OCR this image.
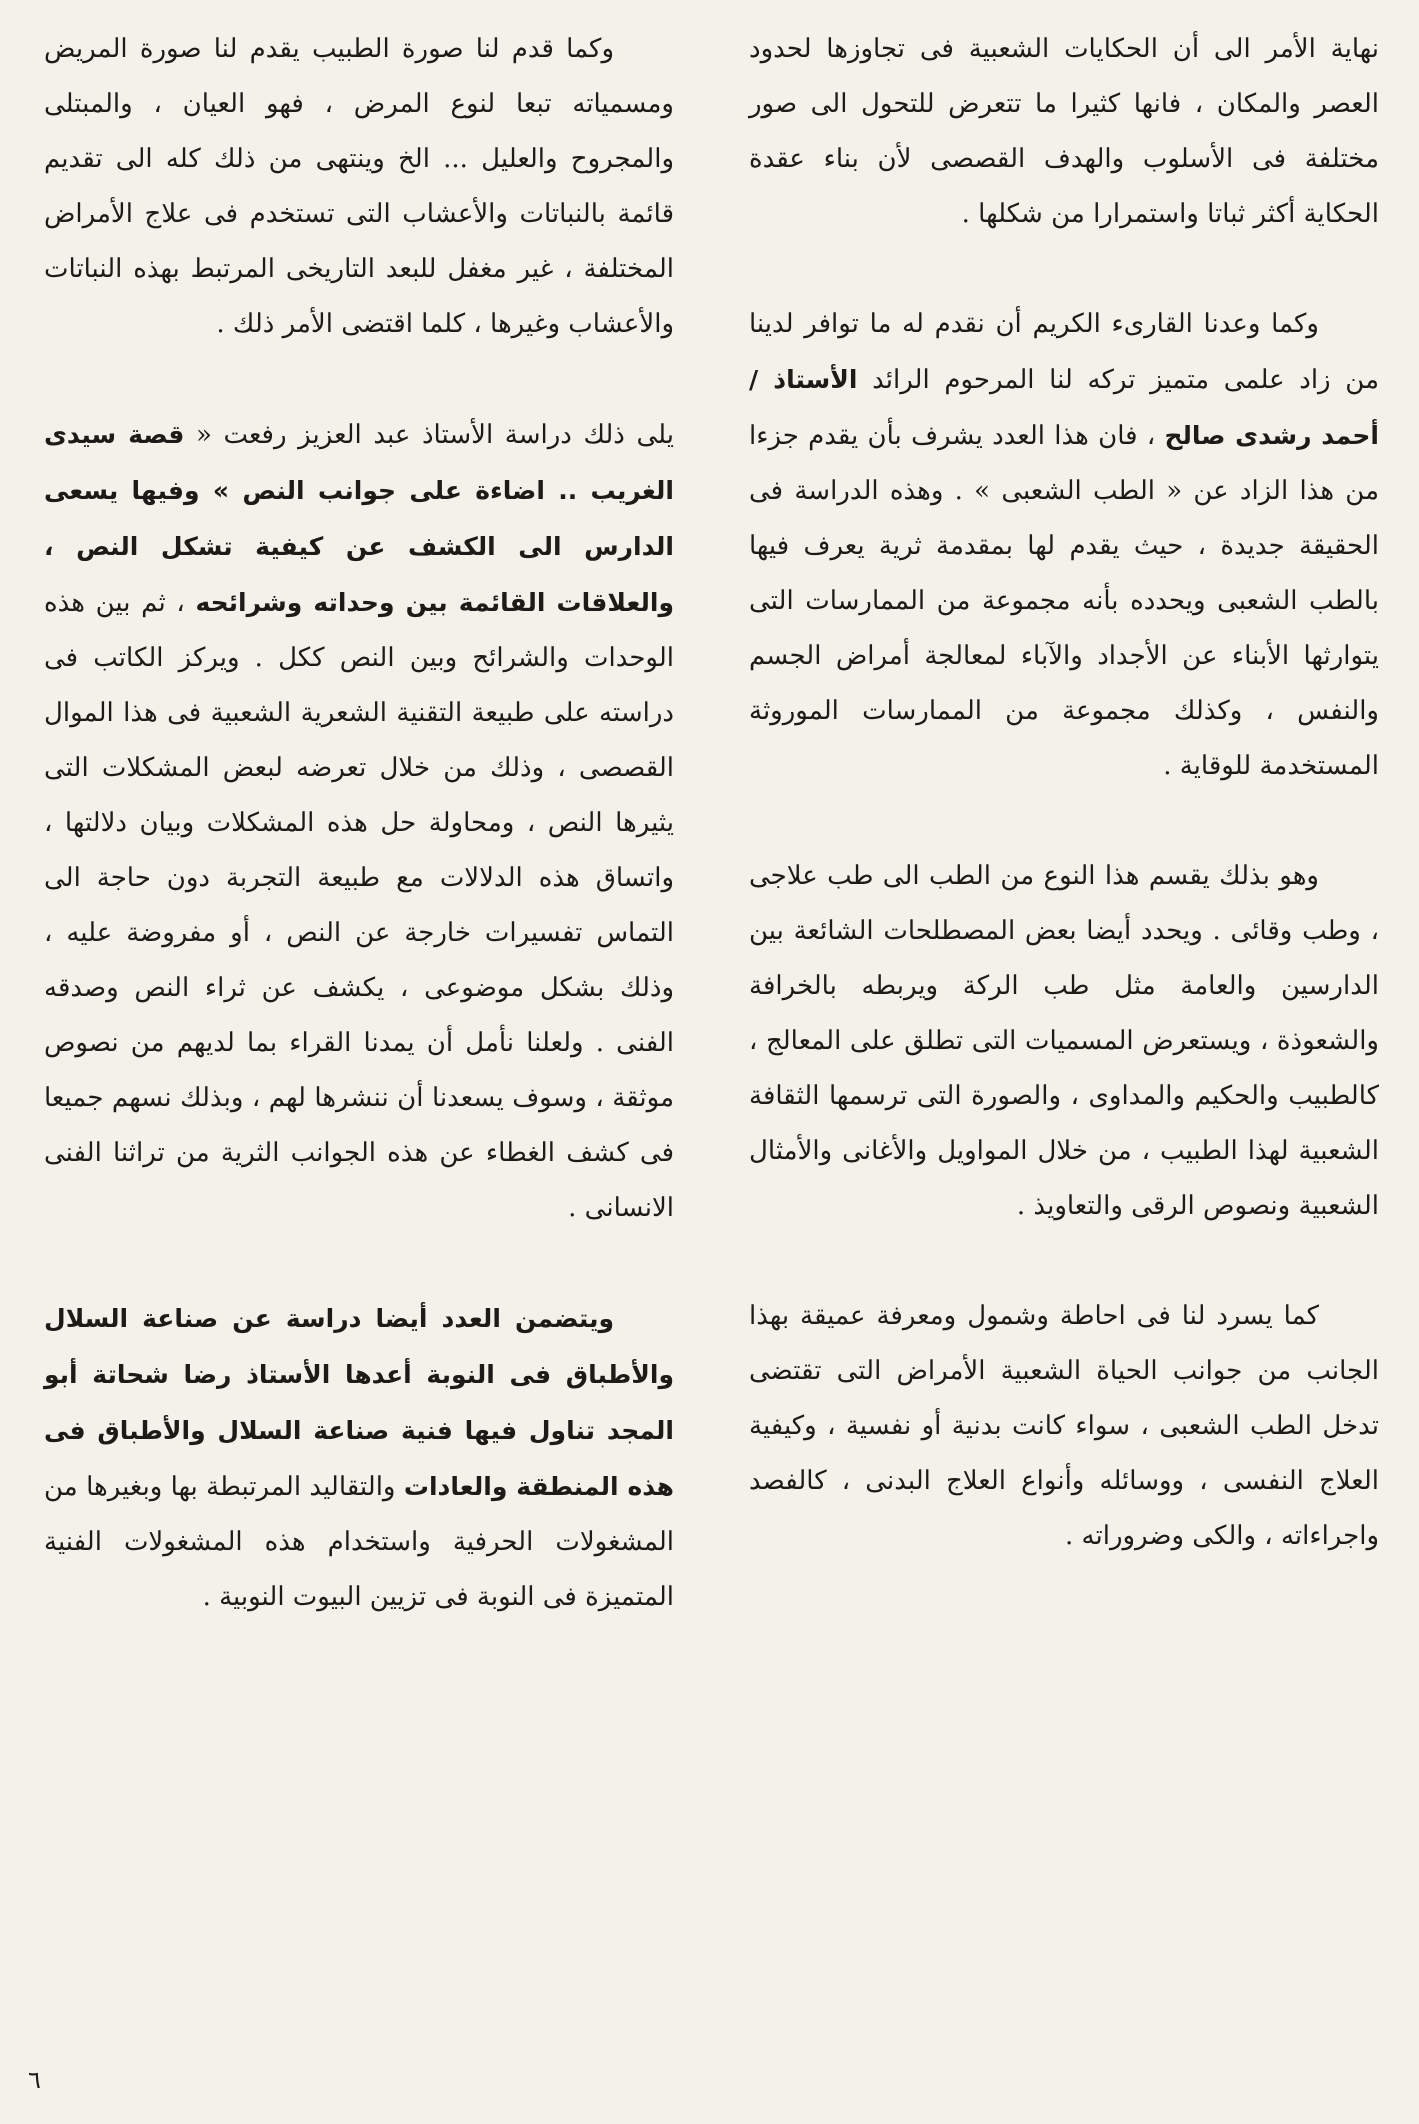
نهاية الأمر الى أن الحكايات الشعبية فى تجاوزها لحدود العصر والمكان ، فانها كثيرا ما تتعرض للتحول الى صور مختلفة فى الأسلوب والهدف القصصى لأن بناء عقدة الحكاية أكثر ثباتا واستمرارا من شكلها .

وكما وعدنا القارىء الكريم أن نقدم له ما توافر لدينا من زاد علمى متميز تركه لنا المرحوم الرائد الأستاذ / أحمد رشدى صالح ، فان هذا العدد يشرف بأن يقدم جزءا من هذا الزاد عن « الطب الشعبى » . وهذه الدراسة فى الحقيقة جديدة ، حيث يقدم لها بمقدمة ثرية يعرف فيها بالطب الشعبى ويحدده بأنه مجموعة من الممارسات التى يتوارثها الأبناء عن الأجداد والآباء لمعالجة أمراض الجسم والنفس ، وكذلك مجموعة من الممارسات الموروثة المستخدمة للوقاية .

وهو بذلك يقسم هذا النوع من الطب الى طب علاجى ، وطب وقائى . ويحدد أيضا بعض المصطلحات الشائعة بين الدارسين والعامة مثل طب الركة ويربطه بالخرافة والشعوذة ، ويستعرض المسميات التى تطلق على المعالج ، كالطبيب والحكيم والمداوى ، والصورة التى ترسمها الثقافة الشعبية لهذا الطبيب ، من خلال المواويل والأغانى والأمثال الشعبية ونصوص الرقى والتعاويذ .

كما يسرد لنا فى احاطة وشمول ومعرفة عميقة بهذا الجانب من جوانب الحياة الشعبية الأمراض التى تقتضى تدخل الطب الشعبى ، سواء كانت بدنية أو نفسية ، وكيفية العلاج النفسى ، ووسائله وأنواع العلاج البدنى ، كالفصد واجراءاته ، والكى وضروراته .

وكما قدم لنا صورة الطبيب يقدم لنا صورة المريض ومسمياته تبعا لنوع المرض ، فهو العيان ، والمبتلى والمجروح والعليل ... الخ وينتهى من ذلك كله الى تقديم قائمة بالنباتات والأعشاب التى تستخدم فى علاج الأمراض المختلفة ، غير مغفل للبعد التاريخى المرتبط بهذه النباتات والأعشاب وغيرها ، كلما اقتضى الأمر ذلك .

يلى ذلك دراسة الأستاذ عبد العزيز رفعت « قصة سيدى الغريب .. اضاءة على جوانب النص » وفيها يسعى الدارس الى الكشف عن كيفية تشكل النص ، والعلاقات القائمة بين وحداته وشرائحه ، ثم بين هذه الوحدات والشرائح وبين النص ككل . ويركز الكاتب فى دراسته على طبيعة التقنية الشعرية الشعبية فى هذا الموال القصصى ، وذلك من خلال تعرضه لبعض المشكلات التى يثيرها النص ، ومحاولة حل هذه المشكلات وبيان دلالتها ، واتساق هذه الدلالات مع طبيعة التجربة دون حاجة الى التماس تفسيرات خارجة عن النص ، أو مفروضة عليه ، وذلك بشكل موضوعى ، يكشف عن ثراء النص وصدقه الفنى . ولعلنا نأمل أن يمدنا القراء بما لديهم من نصوص موثقة ، وسوف يسعدنا أن ننشرها لهم ، وبذلك نسهم جميعا فى كشف الغطاء عن هذه الجوانب الثرية من تراثنا الفنى الانسانى .

ويتضمن العدد أيضا دراسة عن صناعة السلال والأطباق فى النوبة أعدها الأستاذ رضا شحاتة أبو المجد تناول فيها فنية صناعة السلال والأطباق فى هذه المنطقة والعادات والتقاليد المرتبطة بها وبغيرها من المشغولات الحرفية واستخدام هذه المشغولات الفنية المتميزة فى النوبة فى تزيين البيوت النوبية .

٦
